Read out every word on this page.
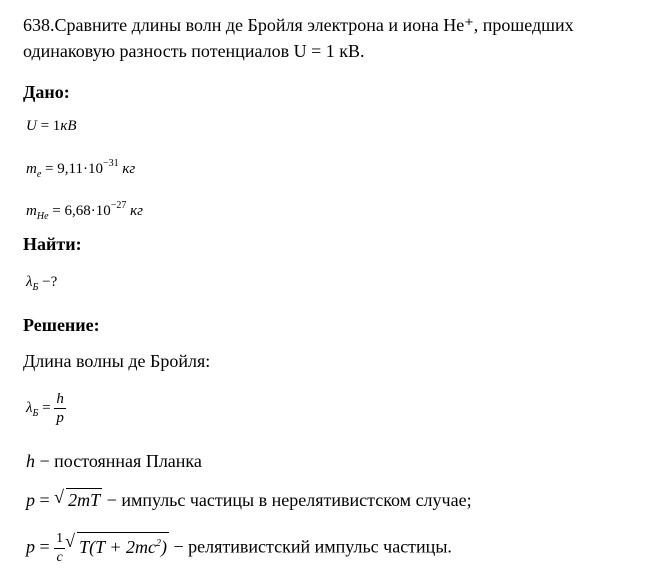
638.Сравните длины волн де Бройля электрона и иона He⁺, прошедших
одинаковую разность потенциалов U = 1 кВ.
Дано:
U = 1кВ
$m_e = 9,11\cdot 10^{-31}$ кг
$m_{He} = 6,68\cdot 10^{-27}$ кг
Найти:
$\lambda_Б$ −?
Решение:
Длина волны де Бройля:
$\lambda_Б = \frac{h}{p}$
h − постоянная Планка
p = √ 2mT − импульс частицы в нерелятивистском случае;
$p = \frac{1}{c}$ √ $T(T + 2mc^2)$ − релятивистский импульс частицы.
